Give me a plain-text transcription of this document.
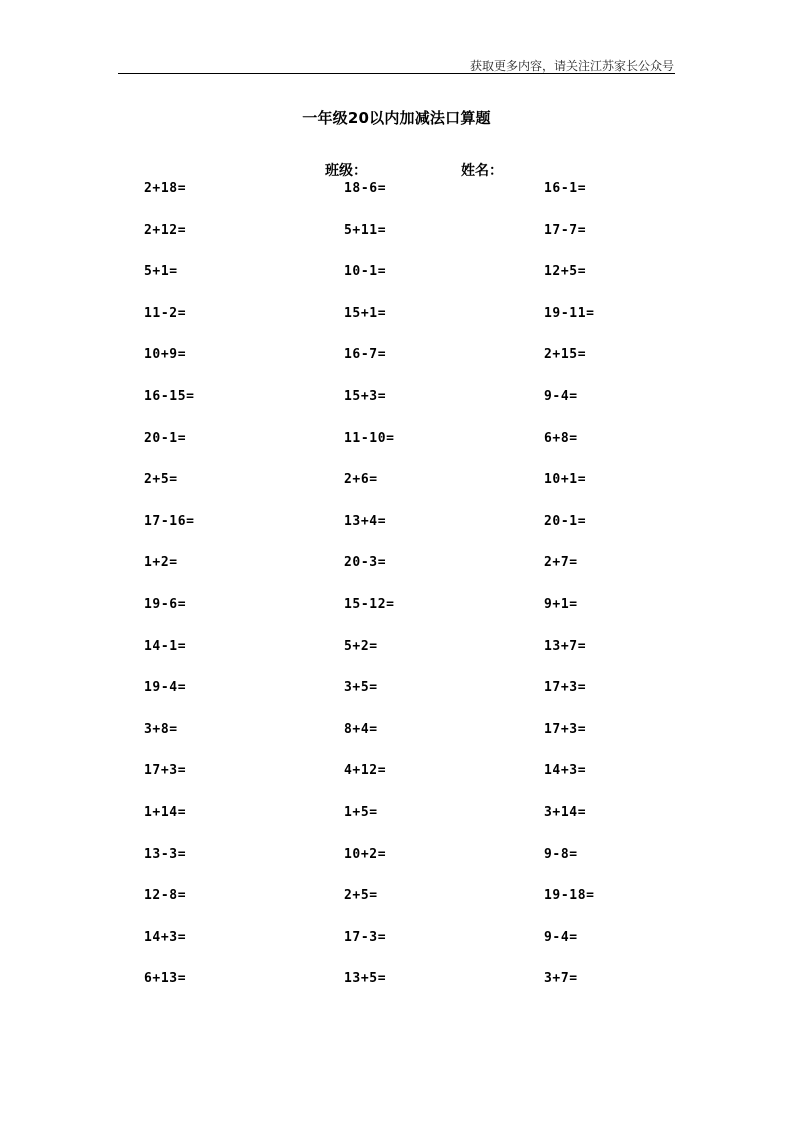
获取更多内容，请关注江苏家长公众号
一年级20以内加减法口算题
班级：	姓名：
2+18=
2+12=
5+1=
11-2=
10+9=
16-15=
20-1=
2+5=
17-16=
1+2=
19-6=
14-1=
19-4=
3+8=
17+3=
1+14=
13-3=
12-8=
14+3=
6+13=
18-6=
5+11=
10-1=
15+1=
16-7=
15+3=
11-10=
2+6=
13+4=
20-3=
15-12=
5+2=
3+5=
8+4=
4+12=
1+5=
10+2=
2+5=
17-3=
13+5=
16-1=
17-7=
12+5=
19-11=
2+15=
9-4=
6+8=
10+1=
20-1=
2+7=
9+1=
13+7=
17+3=
17+3=
14+3=
3+14=
9-8=
19-18=
9-4=
3+7=
